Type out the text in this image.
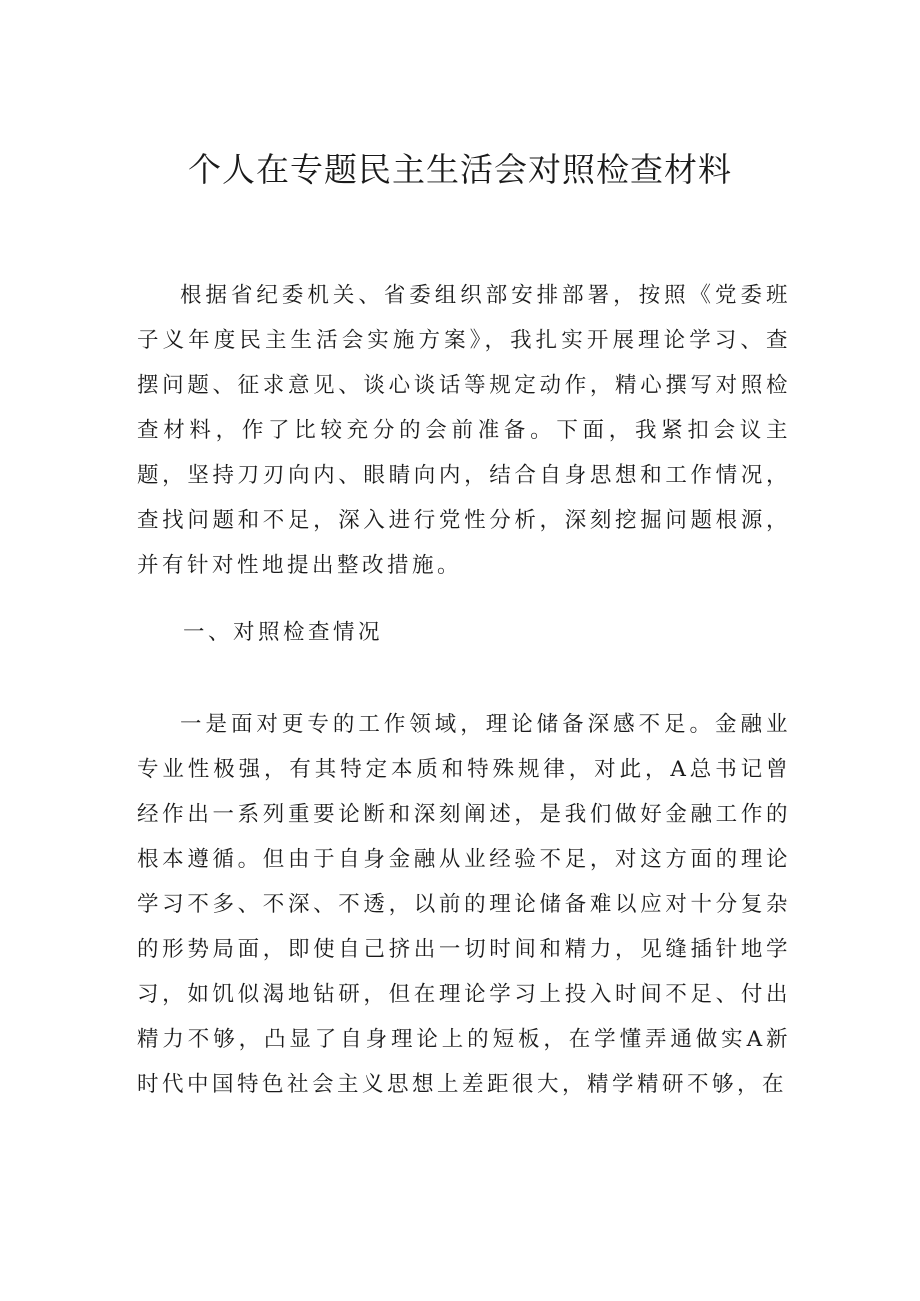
个人在专题民主生活会对照检查材料

根据省纪委机关、省委组织部安排部署，按照《党委班子义年度民主生活会实施方案》，我扎实开展理论学习、查摆问题、征求意见、谈心谈话等规定动作，精心撰写对照检查材料，作了比较充分的会前准备。下面，我紧扣会议主题，坚持刀刃向内、眼睛向内，结合自身思想和工作情况，查找问题和不足，深入进行党性分析，深刻挖掘问题根源，并有针对性地提出整改措施。

一、对照检查情况

一是面对更专的工作领域，理论储备深感不足。金融业专业性极强，有其特定本质和特殊规律，对此，A总书记曾经作出一系列重要论断和深刻阐述，是我们做好金融工作的根本遵循。但由于自身金融从业经验不足，对这方面的理论学习不多、不深、不透，以前的理论储备难以应对十分复杂的形势局面，即使自己挤出一切时间和精力，见缝插针地学习，如饥似渴地钻研，但在理论学习上投入时间不足、付出精力不够，凸显了自身理论上的短板，在学懂弄通做实A新时代中国特色社会主义思想上差距很大，精学精研不够，在
